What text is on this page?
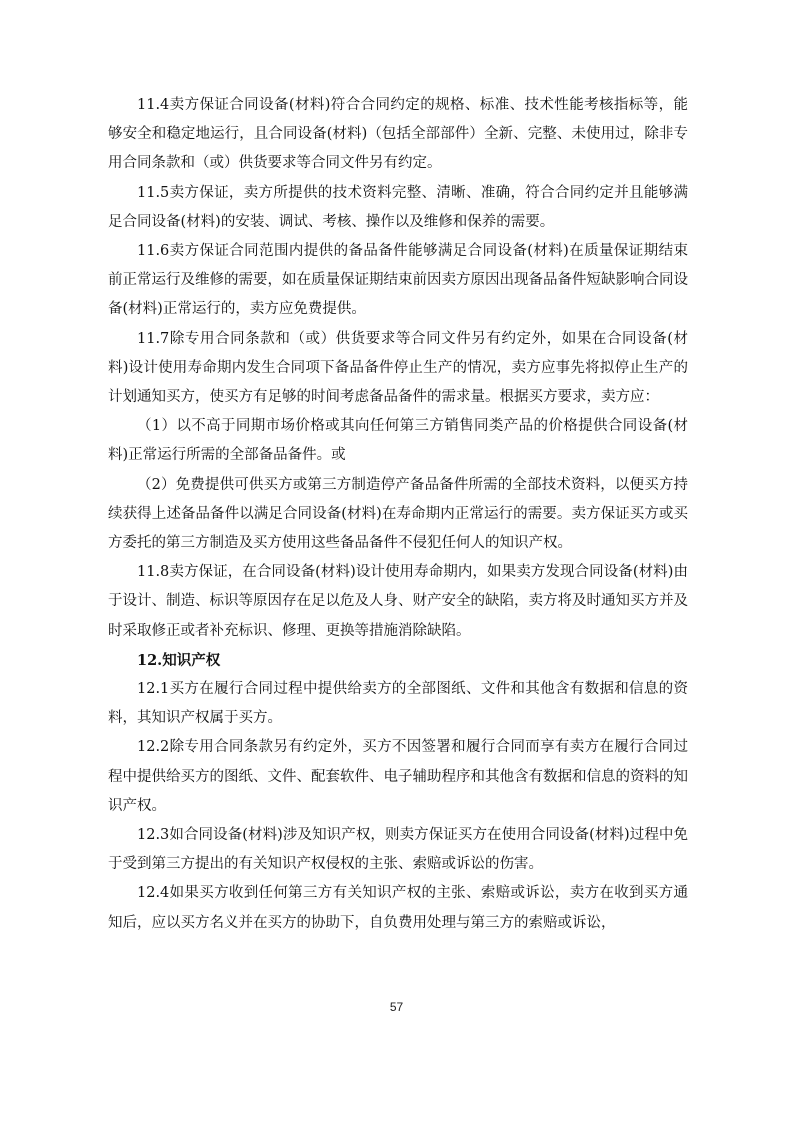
11.4卖方保证合同设备(材料)符合合同约定的规格、标准、技术性能考核指标等，能够安全和稳定地运行，且合同设备(材料)（包括全部部件）全新、完整、未使用过，除非专用合同条款和（或）供货要求等合同文件另有约定。

11.5卖方保证，卖方所提供的技术资料完整、清晰、准确，符合合同约定并且能够满足合同设备(材料)的安装、调试、考核、操作以及维修和保养的需要。

11.6卖方保证合同范围内提供的备品备件能够满足合同设备(材料)在质量保证期结束前正常运行及维修的需要，如在质量保证期结束前因卖方原因出现备品备件短缺影响合同设备(材料)正常运行的，卖方应免费提供。

11.7除专用合同条款和（或）供货要求等合同文件另有约定外，如果在合同设备(材料)设计使用寿命期内发生合同项下备品备件停止生产的情况，卖方应事先将拟停止生产的计划通知买方，使买方有足够的时间考虑备品备件的需求量。根据买方要求，卖方应：

（1）以不高于同期市场价格或其向任何第三方销售同类产品的价格提供合同设备(材料)正常运行所需的全部备品备件。或

（2）免费提供可供买方或第三方制造停产备品备件所需的全部技术资料，以便买方持续获得上述备品备件以满足合同设备(材料)在寿命期内正常运行的需要。卖方保证买方或买方委托的第三方制造及买方使用这些备品备件不侵犯任何人的知识产权。

11.8卖方保证，在合同设备(材料)设计使用寿命期内，如果卖方发现合同设备(材料)由于设计、制造、标识等原因存在足以危及人身、财产安全的缺陷，卖方将及时通知买方并及时采取修正或者补充标识、修理、更换等措施消除缺陷。

12.知识产权

12.1买方在履行合同过程中提供给卖方的全部图纸、文件和其他含有数据和信息的资料，其知识产权属于买方。

12.2除专用合同条款另有约定外，买方不因签署和履行合同而享有卖方在履行合同过程中提供给买方的图纸、文件、配套软件、电子辅助程序和其他含有数据和信息的资料的知识产权。

12.3如合同设备(材料)涉及知识产权，则卖方保证买方在使用合同设备(材料)过程中免于受到第三方提出的有关知识产权侵权的主张、索赔或诉讼的伤害。

12.4如果买方收到任何第三方有关知识产权的主张、索赔或诉讼，卖方在收到买方通知后，应以买方名义并在买方的协助下，自负费用处理与第三方的索赔或诉讼，

57
